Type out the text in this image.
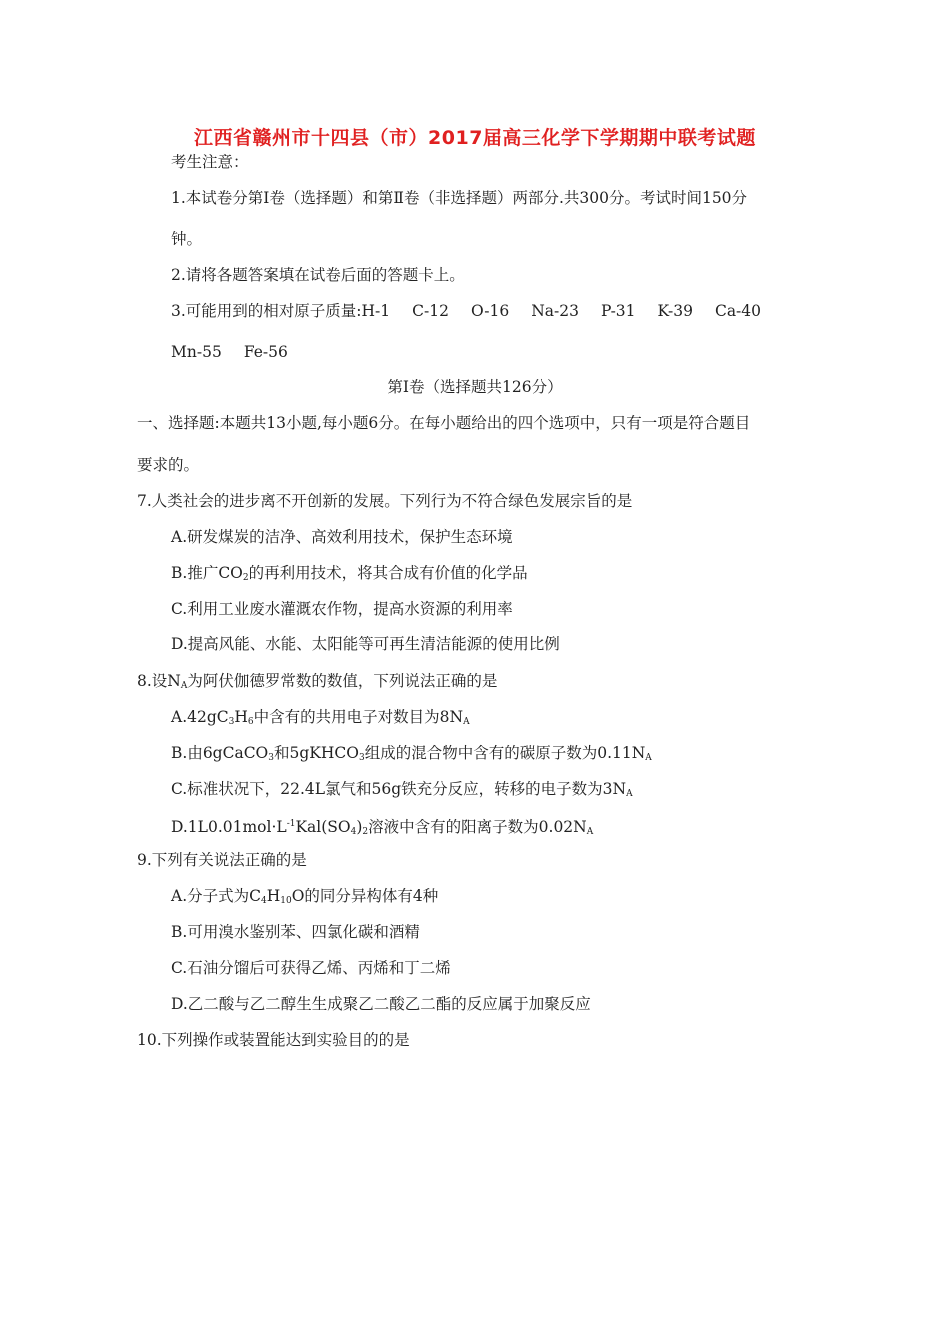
江西省赣州市十四县（市）2017届高三化学下学期期中联考试题
考生注意：
1.本试卷分第Ⅰ卷（选择题）和第Ⅱ卷（非选择题）两部分.共300分。考试时间150分
钟。
2.请将各题答案填在试卷后面的答题卡上。
3.可能用到的相对原子质量:H-1 C-12 O-16 Na-23 P-31 K-39 Ca-40
Mn-55 Fe-56
第Ⅰ卷（选择题共126分）
一、选择题:本题共13小题,每小题6分。在每小题给出的四个选项中，只有一项是符合题目
要求的。
7.人类社会的进步离不开创新的发展。下列行为不符合绿色发展宗旨的是
A.研发煤炭的洁净、高效利用技术，保护生态环境
B.推广$CO_2$的再利用技术，将其合成有价值的化学品
C.利用工业废水灌溉农作物，提高水资源的利用率
D.提高风能、水能、太阳能等可再生清洁能源的使用比例
8.设$N_A$为阿伏伽德罗常数的数值，下列说法正确的是
$A.42gC_3H_6$中含有的共用电子对数目为$8N_A$
B.由6gCaCO$_3$和5gKHCO$_3$组成的混合物中含有的碳原子数为$0.11N_A$
C.标准状况下，22.4L氯气和56g铁充分反应，转移的电子数为$3N_A$
$D.1L0.01mol\cdot L^{-1}Kal(SO_4)_2$溶液中含有的阳离子数为$0.02N_A$
9.下列有关说法正确的是
A.分子式为$C_4H_{10}O$的同分异构体有4种
B.可用溴水鉴别苯、四氯化碳和酒精
C.石油分馏后可获得乙烯、丙烯和丁二烯
D.乙二酸与乙二醇生生成聚乙二酸乙二酯的反应属于加聚反应
10.下列操作或装置能达到实验目的的是
